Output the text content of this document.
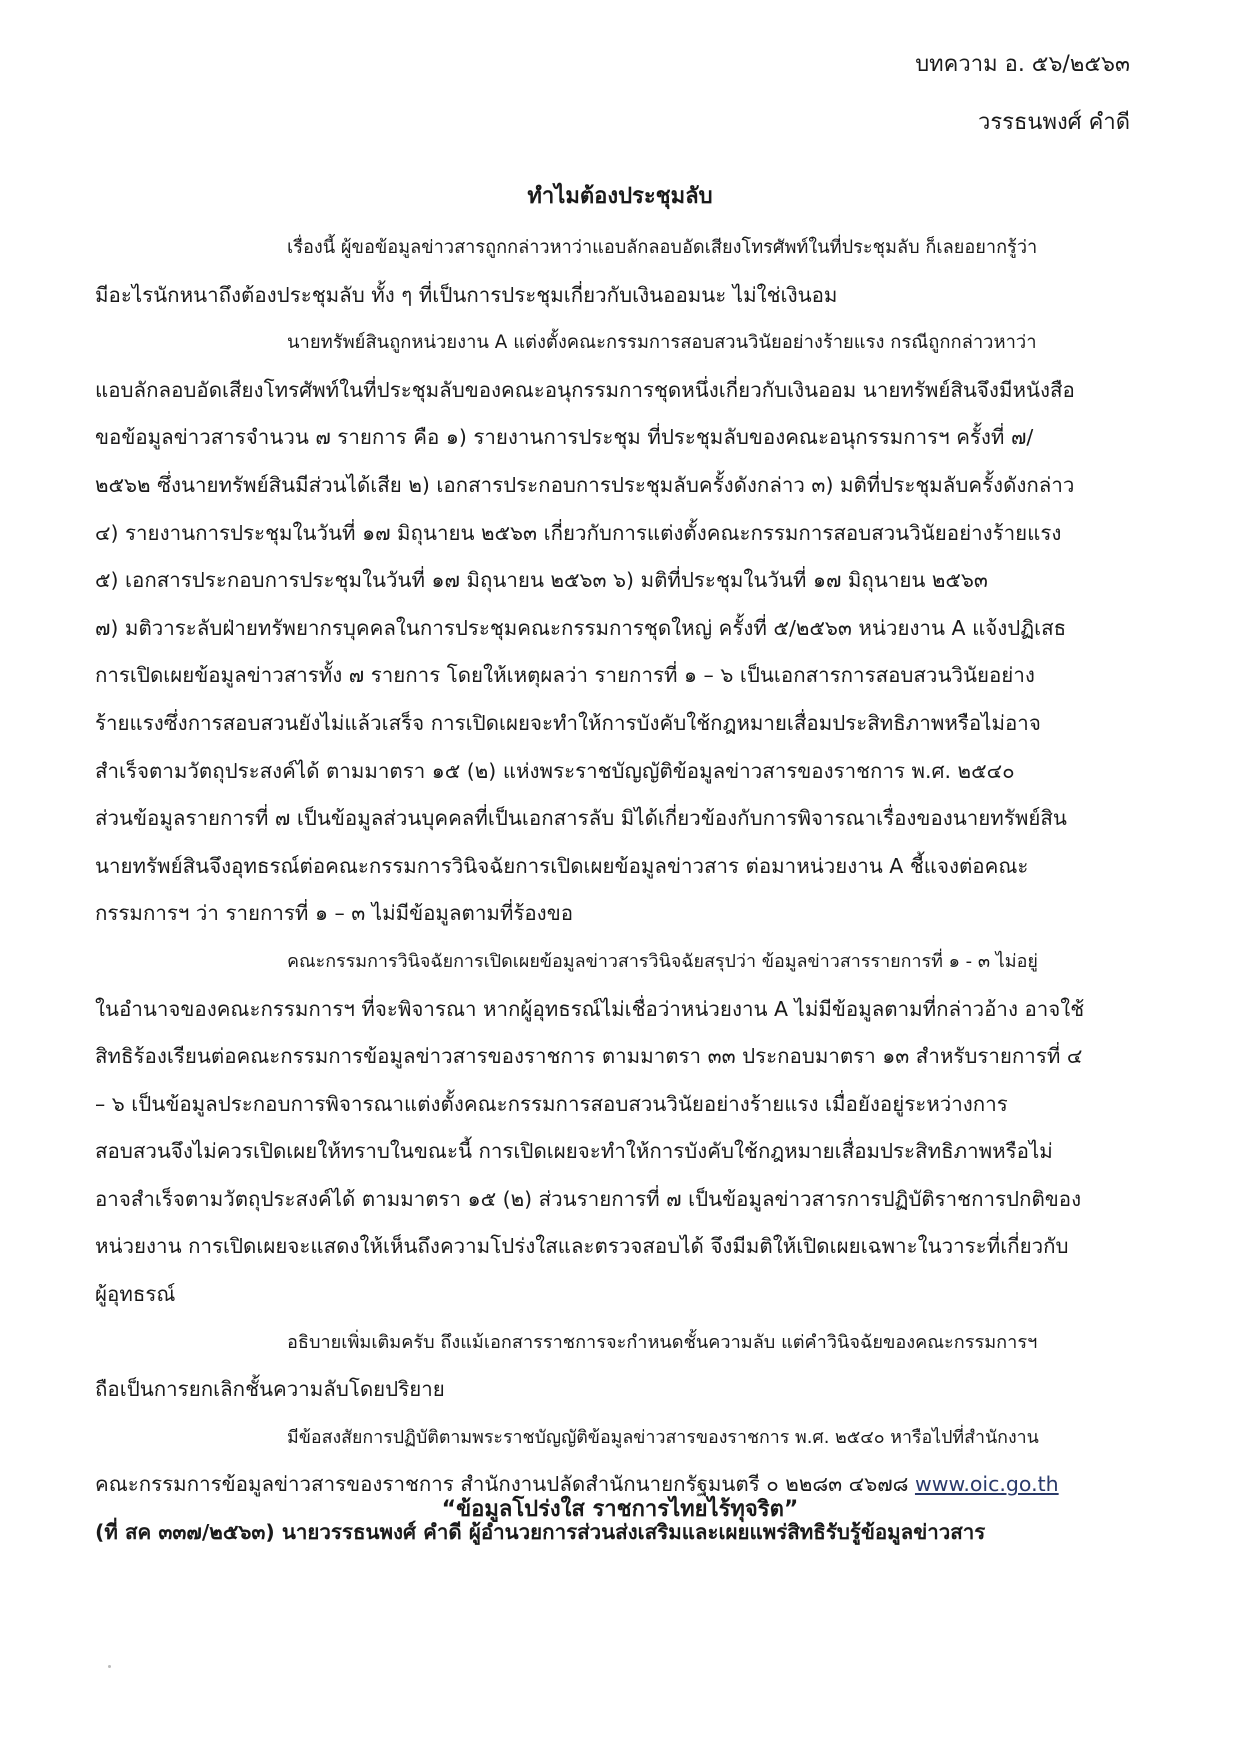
บทความ อ. ๕๖/๒๕๖๓
วรรธนพงศ์ คำดี
ทำไมต้องประชุมลับ

เรื่องนี้ ผู้ขอข้อมูลข่าวสารถูกกล่าวหาว่าแอบลักลอบอัดเสียงโทรศัพท์ในที่ประชุมลับ ก็เลยอยากรู้ว่า
มีอะไรนักหนาถึงต้องประชุมลับ ทั้ง ๆ ที่เป็นการประชุมเกี่ยวกับเงินออมนะ ไม่ใช่เงินอม

นายทรัพย์สินถูกหน่วยงาน A แต่งตั้งคณะกรรมการสอบสวนวินัยอย่างร้ายแรง กรณีถูกกล่าวหาว่า
แอบลักลอบอัดเสียงโทรศัพท์ในที่ประชุมลับของคณะอนุกรรมการชุดหนึ่งเกี่ยวกับเงินออม นายทรัพย์สินจึงมีหนังสือ
ขอข้อมูลข่าวสารจำนวน ๗ รายการ คือ ๑) รายงานการประชุม ที่ประชุมลับของคณะอนุกรรมการฯ ครั้งที่ ๗/
๒๕๖๒ ซึ่งนายทรัพย์สินมีส่วนได้เสีย ๒) เอกสารประกอบการประชุมลับครั้งดังกล่าว ๓) มติที่ประชุมลับครั้งดังกล่าว
๔) รายงานการประชุมในวันที่ ๑๗ มิถุนายน ๒๕๖๓ เกี่ยวกับการแต่งตั้งคณะกรรมการสอบสวนวินัยอย่างร้ายแรง
๕) เอกสารประกอบการประชุมในวันที่ ๑๗ มิถุนายน ๒๕๖๓ ๖) มติที่ประชุมในวันที่ ๑๗ มิถุนายน ๒๕๖๓
๗) มติวาระลับฝ่ายทรัพยากรบุคคลในการประชุมคณะกรรมการชุดใหญ่ ครั้งที่ ๕/๒๕๖๓ หน่วยงาน A แจ้งปฏิเสธ
การเปิดเผยข้อมูลข่าวสารทั้ง ๗ รายการ โดยให้เหตุผลว่า รายการที่ ๑ – ๖ เป็นเอกสารการสอบสวนวินัยอย่าง
ร้ายแรงซึ่งการสอบสวนยังไม่แล้วเสร็จ การเปิดเผยจะทำให้การบังคับใช้กฎหมายเสื่อมประสิทธิภาพหรือไม่อาจ
สำเร็จตามวัตถุประสงค์ได้ ตามมาตรา ๑๕ (๒) แห่งพระราชบัญญัติข้อมูลข่าวสารของราชการ พ.ศ. ๒๕๔๐
ส่วนข้อมูลรายการที่ ๗ เป็นข้อมูลส่วนบุคคลที่เป็นเอกสารลับ มิได้เกี่ยวข้องกับการพิจารณาเรื่องของนายทรัพย์สิน
นายทรัพย์สินจึงอุทธรณ์ต่อคณะกรรมการวินิจฉัยการเปิดเผยข้อมูลข่าวสาร ต่อมาหน่วยงาน A ชี้แจงต่อคณะ
กรรมการฯ ว่า รายการที่ ๑ – ๓ ไม่มีข้อมูลตามที่ร้องขอ

คณะกรรมการวินิจฉัยการเปิดเผยข้อมูลข่าวสารวินิจฉัยสรุปว่า ข้อมูลข่าวสารรายการที่ ๑ - ๓ ไม่อยู่
ในอำนาจของคณะกรรมการฯ ที่จะพิจารณา หากผู้อุทธรณ์ไม่เชื่อว่าหน่วยงาน A ไม่มีข้อมูลตามที่กล่าวอ้าง อาจใช้
สิทธิร้องเรียนต่อคณะกรรมการข้อมูลข่าวสารของราชการ ตามมาตรา ๓๓ ประกอบมาตรา ๑๓ สำหรับรายการที่ ๔
– ๖ เป็นข้อมูลประกอบการพิจารณาแต่งตั้งคณะกรรมการสอบสวนวินัยอย่างร้ายแรง เมื่อยังอยู่ระหว่างการ
สอบสวนจึงไม่ควรเปิดเผยให้ทราบในขณะนี้ การเปิดเผยจะทำให้การบังคับใช้กฎหมายเสื่อมประสิทธิภาพหรือไม่
อาจสำเร็จตามวัตถุประสงค์ได้ ตามมาตรา ๑๕ (๒) ส่วนรายการที่ ๗ เป็นข้อมูลข่าวสารการปฏิบัติราชการปกติของ
หน่วยงาน การเปิดเผยจะแสดงให้เห็นถึงความโปร่งใสและตรวจสอบได้ จึงมีมติให้เปิดเผยเฉพาะในวาระที่เกี่ยวกับ
ผู้อุทธรณ์

อธิบายเพิ่มเติมครับ ถึงแม้เอกสารราชการจะกำหนดชั้นความลับ แต่คำวินิจฉัยของคณะกรรมการฯ
ถือเป็นการยกเลิกชั้นความลับโดยปริยาย

มีข้อสงสัยการปฏิบัติตามพระราชบัญญัติข้อมูลข่าวสารของราชการ พ.ศ. ๒๕๔๐ หารือไปที่สำนักงาน
คณะกรรมการข้อมูลข่าวสารของราชการ สำนักงานปลัดสำนักนายกรัฐมนตรี ๐ ๒๒๘๓ ๔๖๗๘ www.oic.go.th
(ที่ สค ๓๓๗/๒๕๖๓) นายวรรธนพงศ์ คำดี ผู้อำนวยการส่วนส่งเสริมและเผยแพร่สิทธิรับรู้ข้อมูลข่าวสาร

“ข้อมูลโปร่งใส ราชการไทยไร้ทุจริต”
